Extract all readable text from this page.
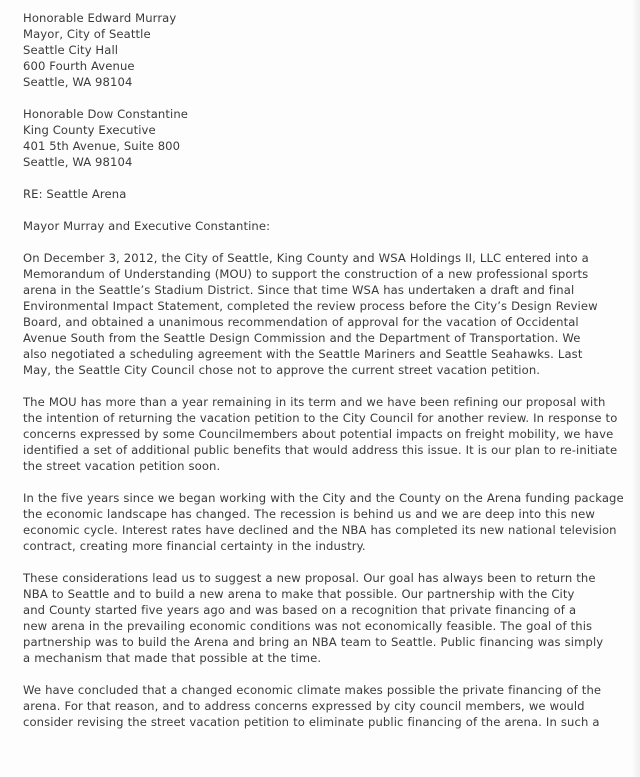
Honorable Edward Murray
Mayor, City of Seattle
Seattle City Hall
600 Fourth Avenue
Seattle, WA 98104
Honorable Dow Constantine
King County Executive
401 5th Avenue, Suite 800
Seattle, WA 98104
RE: Seattle Arena
Mayor Murray and Executive Constantine:
On December 3, 2012, the City of Seattle, King County and WSA Holdings II, LLC entered into a
Memorandum of Understanding (MOU) to support the construction of a new professional sports
arena in the Seattle’s Stadium District. Since that time WSA has undertaken a draft and final
Environmental Impact Statement, completed the review process before the City’s Design Review
Board, and obtained a unanimous recommendation of approval for the vacation of Occidental
Avenue South from the Seattle Design Commission and the Department of Transportation. We
also negotiated a scheduling agreement with the Seattle Mariners and Seattle Seahawks. Last
May, the Seattle City Council chose not to approve the current street vacation petition.
The MOU has more than a year remaining in its term and we have been refining our proposal with
the intention of returning the vacation petition to the City Council for another review. In response to
concerns expressed by some Councilmembers about potential impacts on freight mobility, we have
identified a set of additional public benefits that would address this issue. It is our plan to re-initiate
the street vacation petition soon.
In the five years since we began working with the City and the County on the Arena funding package
the economic landscape has changed. The recession is behind us and we are deep into this new
economic cycle. Interest rates have declined and the NBA has completed its new national television
contract, creating more financial certainty in the industry.
These considerations lead us to suggest a new proposal. Our goal has always been to return the
NBA to Seattle and to build a new arena to make that possible. Our partnership with the City
and County started five years ago and was based on a recognition that private financing of a
new arena in the prevailing economic conditions was not economically feasible. The goal of this
partnership was to build the Arena and bring an NBA team to Seattle. Public financing was simply
a mechanism that made that possible at the time.
We have concluded that a changed economic climate makes possible the private financing of the
arena. For that reason, and to address concerns expressed by city council members, we would
consider revising the street vacation petition to eliminate public financing of the arena. In such a
